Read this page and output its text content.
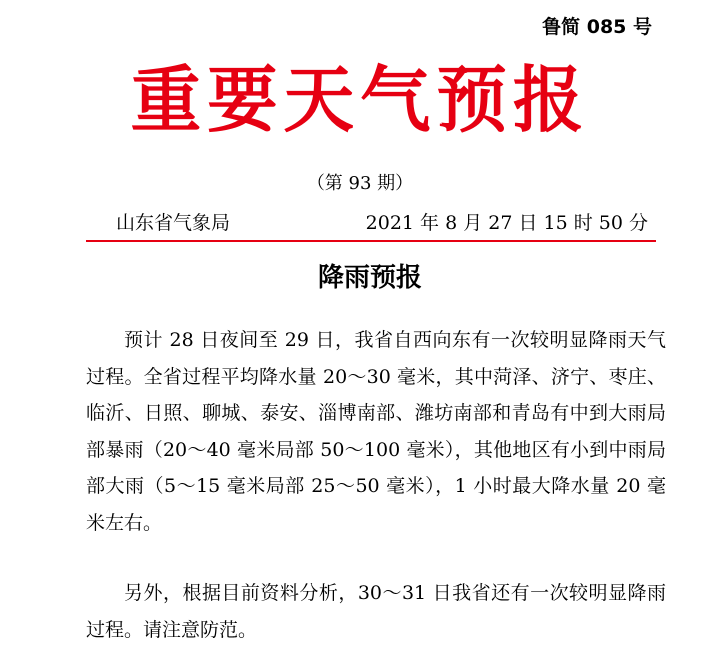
鲁简 085 号
重要天气预报
（第 93 期）
山东省气象局	2021 年 8 月 27 日 15 时 50 分
降雨预报

预计 28 日夜间至 29 日，我省自西向东有一次较明显降雨天气过程。全省过程平均降水量 20～30 毫米，其中菏泽、济宁、枣庄、临沂、日照、聊城、泰安、淄博南部、潍坊南部和青岛有中到大雨局部暴雨（20～40 毫米局部 50～100 毫米），其他地区有小到中雨局部大雨（5～15 毫米局部 25～50 毫米），1 小时最大降水量 20 毫米左右。

另外，根据目前资料分析，30～31 日我省还有一次较明显降雨过程。请注意防范。
